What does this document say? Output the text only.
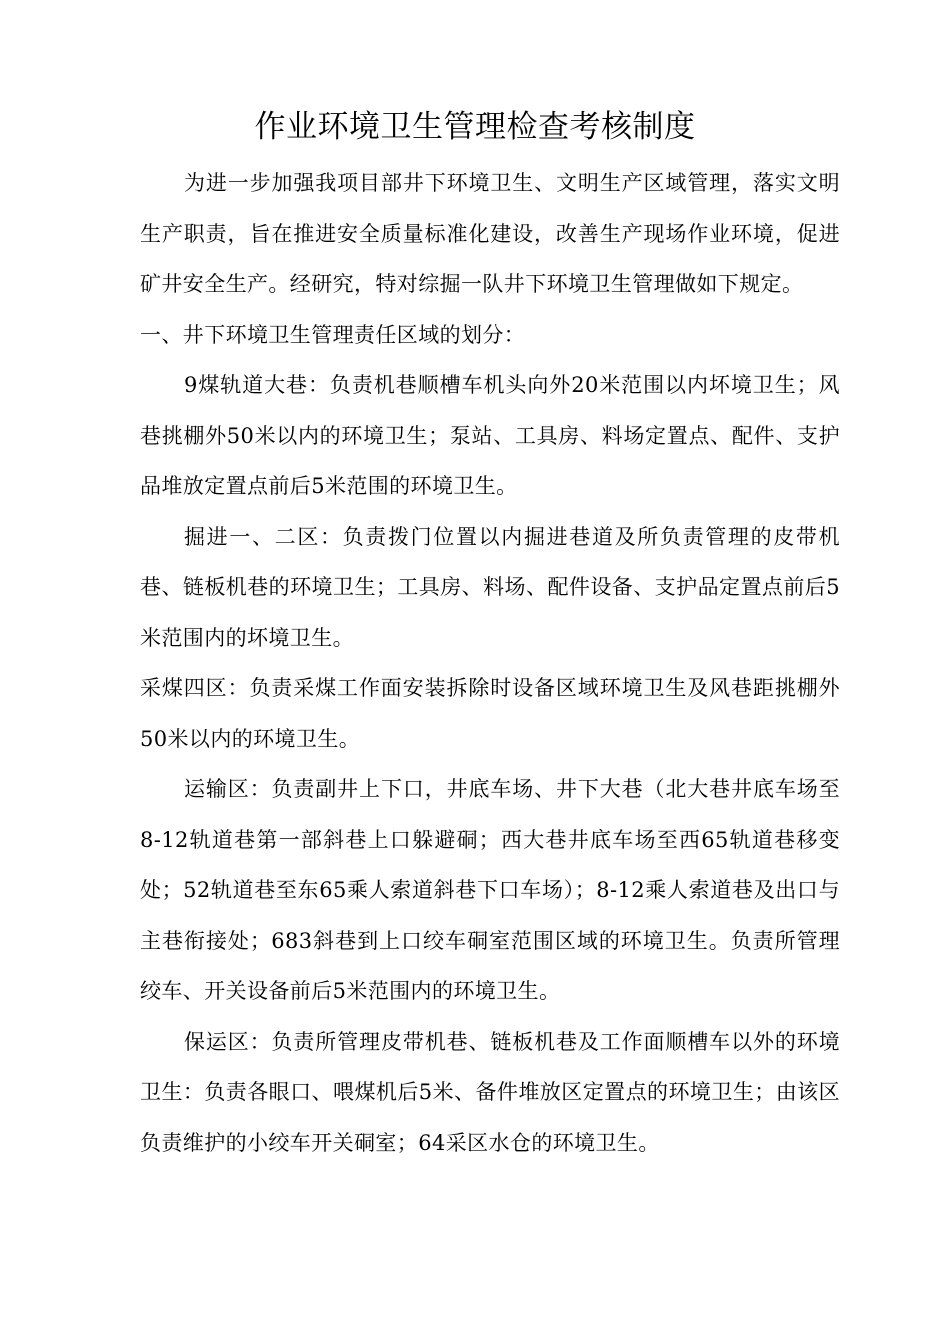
作业环境卫生管理检查考核制度

为进一步加强我项目部井下环境卫生、文明生产区域管理，落实文明生产职责，旨在推进安全质量标准化建设，改善生产现场作业环境，促进矿井安全生产。经研究，特对综掘一队井下环境卫生管理做如下规定。

一、井下环境卫生管理责任区域的划分：

9煤轨道大巷：负责机巷顺槽车机头向外20米范围以内坏境卫生；风巷挑棚外50米以内的环境卫生；泵站、工具房、料场定置点、配件、支护品堆放定置点前后5米范围的环境卫生。

掘进一、二区：负责拨门位置以内掘进巷道及所负责管理的皮带机巷、链板机巷的环境卫生；工具房、料场、配件设备、支护品定置点前后5米范围内的坏境卫生。

采煤四区：负责采煤工作面安装拆除时设备区域环境卫生及风巷距挑棚外50米以内的环境卫生。

运输区：负责副井上下口，井底车场、井下大巷（北大巷井底车场至8-12轨道巷第一部斜巷上口躲避硐；西大巷井底车场至西65轨道巷移变处；52轨道巷至东65乘人索道斜巷下口车场）；8-12乘人索道巷及出口与主巷衔接处；683斜巷到上口绞车硐室范围区域的环境卫生。负责所管理绞车、开关设备前后5米范围内的环境卫生。

保运区：负责所管理皮带机巷、链板机巷及工作面顺槽车以外的环境卫生：负责各眼口、喂煤机后5米、备件堆放区定置点的环境卫生；由该区负责维护的小绞车开关硐室；64采区水仓的环境卫生。
